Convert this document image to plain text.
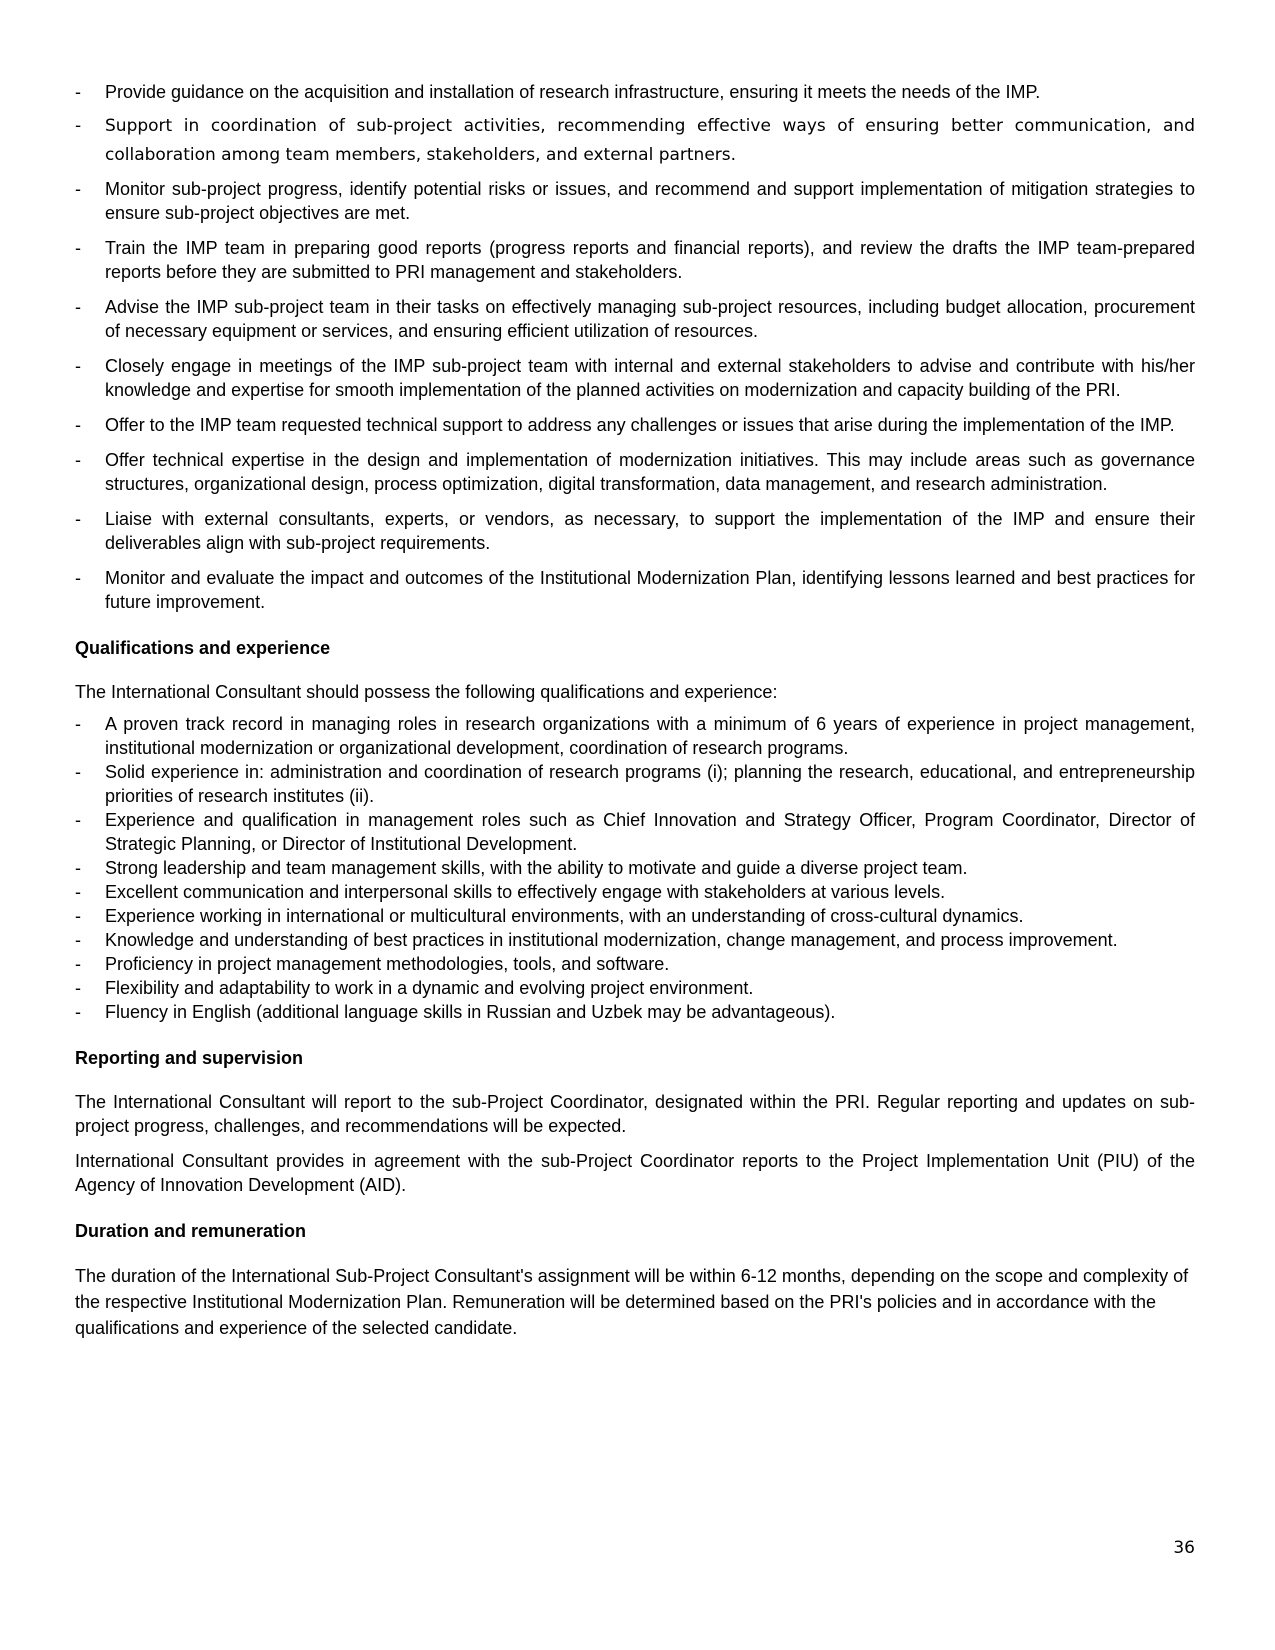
- Provide guidance on the acquisition and installation of research infrastructure, ensuring it meets the needs of the IMP.
- Support in coordination of sub-project activities, recommending effective ways of ensuring better communication, and collaboration among team members, stakeholders, and external partners.
- Monitor sub-project progress, identify potential risks or issues, and recommend and support implementation of mitigation strategies to ensure sub-project objectives are met.
- Train the IMP team in preparing good reports (progress reports and financial reports), and review the drafts the IMP team-prepared reports before they are submitted to PRI management and stakeholders.
- Advise the IMP sub-project team in their tasks on effectively managing sub-project resources, including budget allocation, procurement of necessary equipment or services, and ensuring efficient utilization of resources.
- Closely engage in meetings of the IMP sub-project team with internal and external stakeholders to advise and contribute with his/her knowledge and expertise for smooth implementation of the planned activities on modernization and capacity building of the PRI.
- Offer to the IMP team requested technical support to address any challenges or issues that arise during the implementation of the IMP.
- Offer technical expertise in the design and implementation of modernization initiatives. This may include areas such as governance structures, organizational design, process optimization, digital transformation, data management, and research administration.
- Liaise with external consultants, experts, or vendors, as necessary, to support the implementation of the IMP and ensure their deliverables align with sub-project requirements.
- Monitor and evaluate the impact and outcomes of the Institutional Modernization Plan, identifying lessons learned and best practices for future improvement.
Qualifications and experience

The International Consultant should possess the following qualifications and experience:

- A proven track record in managing roles in research organizations with a minimum of 6 years of experience in project management, institutional modernization or organizational development, coordination of research programs.
- Solid experience in: administration and coordination of research programs (i); planning the research, educational, and entrepreneurship priorities of research institutes (ii).
- Experience and qualification in management roles such as Chief Innovation and Strategy Officer, Program Coordinator, Director of Strategic Planning, or Director of Institutional Development.
- Strong leadership and team management skills, with the ability to motivate and guide a diverse project team.
- Excellent communication and interpersonal skills to effectively engage with stakeholders at various levels.
- Experience working in international or multicultural environments, with an understanding of cross-cultural dynamics.
- Knowledge and understanding of best practices in institutional modernization, change management, and process improvement.
- Proficiency in project management methodologies, tools, and software.
- Flexibility and adaptability to work in a dynamic and evolving project environment.
- Fluency in English (additional language skills in Russian and Uzbek may be advantageous).
Reporting and supervision

The International Consultant will report to the sub-Project Coordinator, designated within the PRI. Regular reporting and updates on sub-project progress, challenges, and recommendations will be expected.

International Consultant provides in agreement with the sub-Project Coordinator reports to the Project Implementation Unit (PIU) of the Agency of Innovation Development (AID).

Duration and remuneration

The duration of the International Sub-Project Consultant's assignment will be within 6-12 months, depending on the scope and complexity of the respective Institutional Modernization Plan. Remuneration will be determined based on the PRI's policies and in accordance with the qualifications and experience of the selected candidate.

36
